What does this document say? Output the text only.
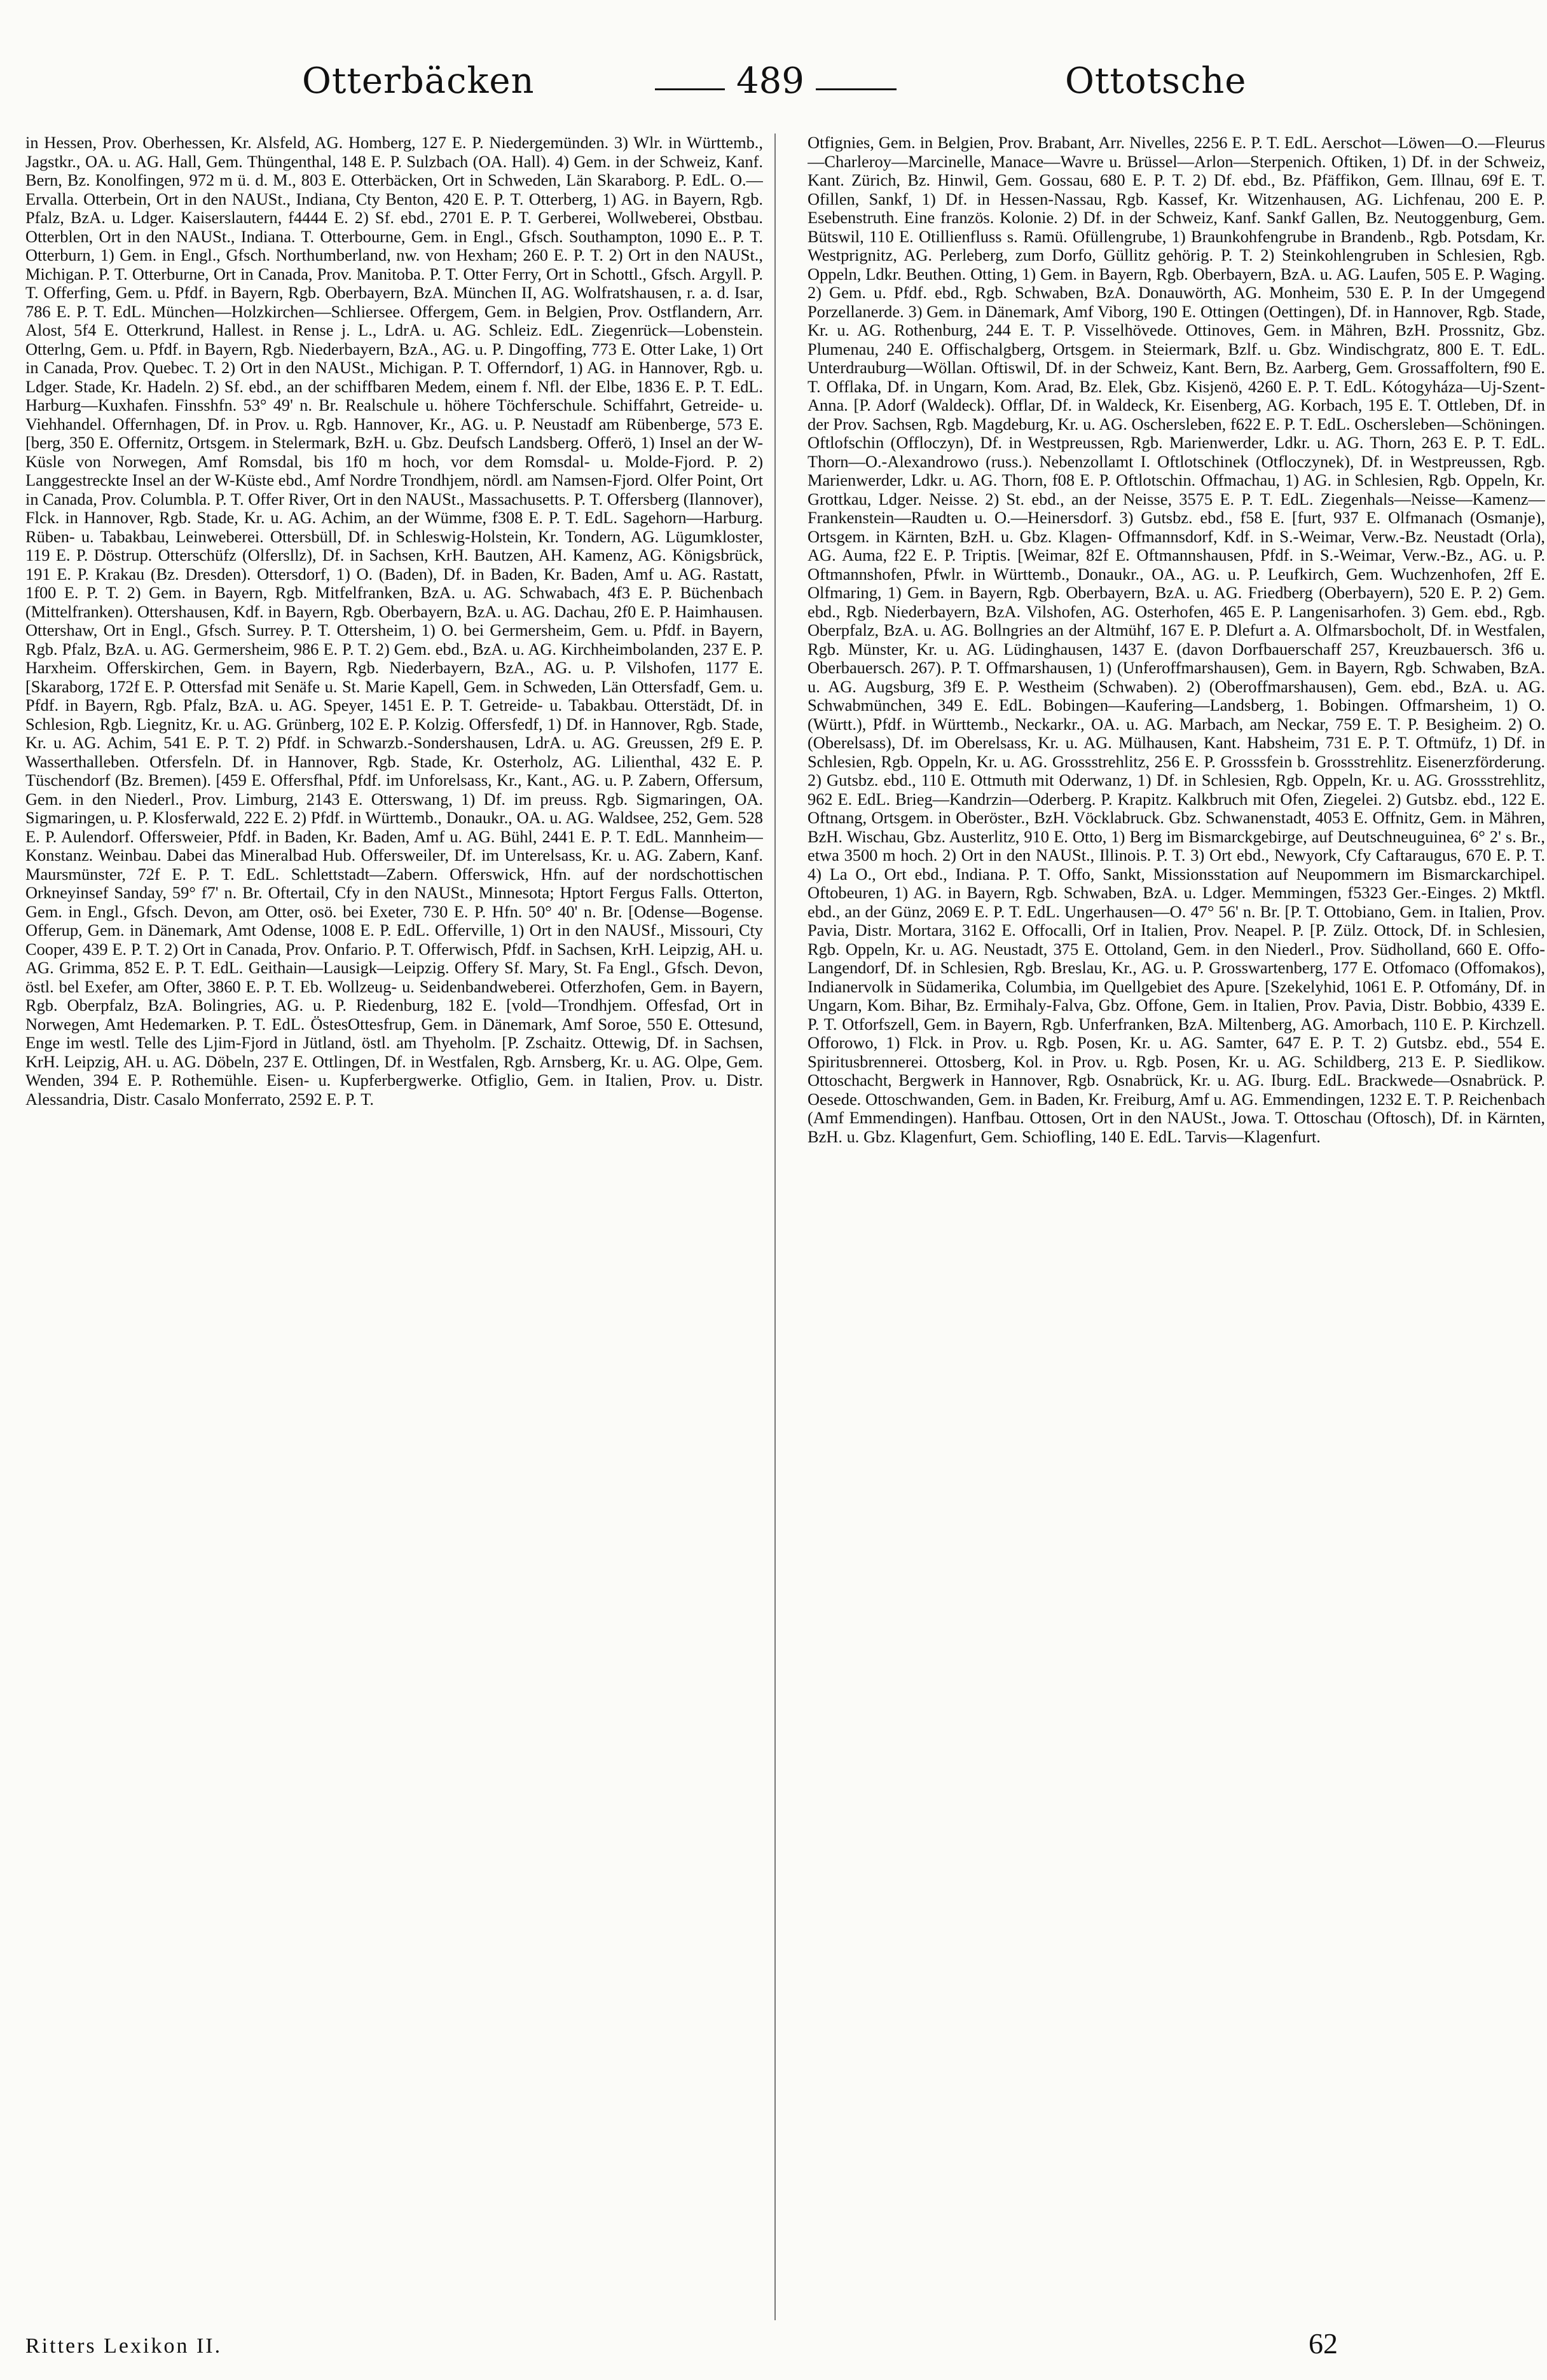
Otterbäcken	489	Ottotsche

in Hessen, Prov. Oberhessen, Kr. Alsfeld, AG. Homberg, 127 E. P. Niedergemünden. 3) Wlr. in Württemb., Jagstkr., OA. u. AG. Hall, Gem. Thüngenthal, 148 E. P. Sulzbach (OA. Hall). 4) Gem. in der Schweiz, Kanf. Bern, Bz. Konolfingen, 972 m ü. d. M., 803 E. Otterbäcken, Ort in Schweden, Län Skaraborg. P. EdL. O.—Ervalla. Otterbein, Ort in den NAUSt., Indiana, Cty Benton, 420 E. P. T. Otterberg, 1) AG. in Bayern, Rgb. Pfalz, BzA. u. Ldger. Kaiserslautern, f4444 E. 2) Sf. ebd., 2701 E. P. T. Gerberei, Wollweberei, Obstbau. Otterblen, Ort in den NAUSt., Indiana. T. Otterbourne, Gem. in Engl., Gfsch. Southampton, 1090 E.. P. T. Otterburn, 1) Gem. in Engl., Gfsch. Northumberland, nw. von Hexham; 260 E. P. T. 2) Ort in den NAUSt., Michigan. P. T. Otterburne, Ort in Canada, Prov. Manitoba. P. T. Otter Ferry, Ort in Schottl., Gfsch. Argyll. P. T. Offerfing, Gem. u. Pfdf. in Bayern, Rgb. Oberbayern, BzA. München II, AG. Wolfratshausen, r. a. d. Isar, 786 E. P. T. EdL. München—Holzkirchen—Schliersee. Offergem, Gem. in Belgien, Prov. Ostflandern, Arr. Alost, 5f4 E. Otterkrund, Hallest. in Rense j. L., LdrA. u. AG. Schleiz. EdL. Ziegenrück—Lobenstein. Otterlng, Gem. u. Pfdf. in Bayern, Rgb. Niederbayern, BzA., AG. u. P. Dingoffing, 773 E. Otter Lake, 1) Ort in Canada, Prov. Quebec. T. 2) Ort in den NAUSt., Michigan. P. T. Offerndorf, 1) AG. in Hannover, Rgb. u. Ldger. Stade, Kr. Hadeln. 2) Sf. ebd., an der schiffbaren Medem, einem f. Nfl. der Elbe, 1836 E. P. T. EdL. Harburg—Kuxhafen. Finsshfn. 53° 49' n. Br. Realschule u. höhere Töchferschule. Schiffahrt, Getreide- u. Viehhandel. Offernhagen, Df. in Prov. u. Rgb. Hannover, Kr., AG. u. P. Neustadf am Rübenberge, 573 E. [berg, 350 E. Offernitz, Ortsgem. in Stelermark, BzH. u. Gbz. Deufsch Landsberg. Offerö, 1) Insel an der W-Küsle von Norwegen, Amf Romsdal, bis 1f0 m hoch, vor dem Romsdal- u. Molde-Fjord. P. 2) Langgestreckte Insel an der W-Küste ebd., Amf Nordre Trondhjem, nördl. am Namsen-Fjord. Olfer Point, Ort in Canada, Prov. Columbla. P. T. Offer River, Ort in den NAUSt., Massachusetts. P. T. Offersberg (Ilannover), Flck. in Hannover, Rgb. Stade, Kr. u. AG. Achim, an der Wümme, f308 E. P. T. EdL. Sagehorn—Harburg. Rüben- u. Tabakbau, Leinweberei. Ottersbüll, Df. in Schleswig-Holstein, Kr. Tondern, AG. Lügumkloster, 119 E. P. Döstrup. Otterschüfz (Olfersllz), Df. in Sachsen, KrH. Bautzen, AH. Kamenz, AG. Königsbrück, 191 E. P. Krakau (Bz. Dresden). Ottersdorf, 1) O. (Baden), Df. in Baden, Kr. Baden, Amf u. AG. Rastatt, 1f00 E. P. T. 2) Gem. in Bayern, Rgb. Mitfelfranken, BzA. u. AG. Schwabach, 4f3 E. P. Büchenbach (Mittelfranken). Ottershausen, Kdf. in Bayern, Rgb. Oberbayern, BzA. u. AG. Dachau, 2f0 E. P. Haimhausen. Ottershaw, Ort in Engl., Gfsch. Surrey. P. T. Ottersheim, 1) O. bei Germersheim, Gem. u. Pfdf. in Bayern, Rgb. Pfalz, BzA. u. AG. Germersheim, 986 E. P. T. 2) Gem. ebd., BzA. u. AG. Kirchheimbolanden, 237 E. P. Harxheim. Offerskirchen, Gem. in Bayern, Rgb. Niederbayern, BzA., AG. u. P. Vilshofen, 1177 E. [Skaraborg, 172f E. P. Ottersfad mit Senäfe u. St. Marie Kapell, Gem. in Schweden, Län Ottersfadf, Gem. u. Pfdf. in Bayern, Rgb. Pfalz, BzA. u. AG. Speyer, 1451 E. P. T. Getreide- u. Tabakbau. Otterstädt, Df. in Schlesion, Rgb. Liegnitz, Kr. u. AG. Grünberg, 102 E. P. Kolzig. Offersfedf, 1) Df. in Hannover, Rgb. Stade, Kr. u. AG. Achim, 541 E. P. T. 2) Pfdf. in Schwarzb.-Sondershausen, LdrA. u. AG. Greussen, 2f9 E. P. Wasserthalleben. Otfersfeln. Df. in Hannover, Rgb. Stade, Kr. Osterholz, AG. Lilienthal, 432 E. P. Tüschendorf (Bz. Bremen). [459 E. Offersfhal, Pfdf. im Unforelsass, Kr., Kant., AG. u. P. Zabern, Offersum, Gem. in den Niederl., Prov. Limburg, 2143 E. Otterswang, 1) Df. im preuss. Rgb. Sigmaringen, OA. Sigmaringen, u. P. Klosferwald, 222 E. 2) Pfdf. in Württemb., Donaukr., OA. u. AG. Waldsee, 252, Gem. 528 E. P. Aulendorf. Offersweier, Pfdf. in Baden, Kr. Baden, Amf u. AG. Bühl, 2441 E. P. T. EdL. Mannheim—Konstanz. Weinbau. Dabei das Mineralbad Hub. Offersweiler, Df. im Unterelsass, Kr. u. AG. Zabern, Kanf. Maursmünster, 72f E. P. T. EdL. Schlettstadt—Zabern. Offerswick, Hfn. auf der nordschottischen Orkneyinsef Sanday, 59° f7' n. Br. Oftertail, Cfy in den NAUSt., Minnesota; Hptort Fergus Falls. Otterton, Gem. in Engl., Gfsch. Devon, am Otter, osö. bei Exeter, 730 E. P. Hfn. 50° 40' n. Br. [Odense—Bogense. Offerup, Gem. in Dänemark, Amt Odense, 1008 E. P. EdL. Offerville, 1) Ort in den NAUSf., Missouri, Cty Cooper, 439 E. P. T. 2) Ort in Canada, Prov. Onfario. P. T. Offerwisch, Pfdf. in Sachsen, KrH. Leipzig, AH. u. AG. Grimma, 852 E. P. T. EdL. Geithain—Lausigk—Leipzig. Offery Sf. Mary, St. Fa Engl., Gfsch. Devon, östl. bel Exefer, am Ofter, 3860 E. P. T. Eb. Wollzeug- u. Seidenbandweberei. Otferzhofen, Gem. in Bayern, Rgb. Oberpfalz, BzA. Bolingries, AG. u. P. Riedenburg, 182 E. [vold—Trondhjem. Offesfad, Ort in Norwegen, Amt Hedemarken. P. T. EdL. ÖstesOttesfrup, Gem. in Dänemark, Amf Soroe, 550 E. Ottesund, Enge im westl. Telle des Ljim-Fjord in Jütland, östl. am Thyeholm. [P. Zschaitz. Ottewig, Df. in Sachsen, KrH. Leipzig, AH. u. AG. Döbeln, 237 E. Ottlingen, Df. in Westfalen, Rgb. Arnsberg, Kr. u. AG. Olpe, Gem. Wenden, 394 E. P. Rothemühle. Eisen- u. Kupferbergwerke. Otfiglio, Gem. in Italien, Prov. u. Distr. Alessandria, Distr. Casalo Monferrato, 2592 E. P. T.

Otfignies, Gem. in Belgien, Prov. Brabant, Arr. Nivelles, 2256 E. P. T. EdL. Aerschot—Löwen—O.—Fleurus—Charleroy—Marcinelle, Manace—Wavre u. Brüssel—Arlon—Sterpenich. Oftiken, 1) Df. in der Schweiz, Kant. Zürich, Bz. Hinwil, Gem. Gossau, 680 E. P. T. 2) Df. ebd., Bz. Pfäffikon, Gem. Illnau, 69f E. T. Ofillen, Sankf, 1) Df. in Hessen-Nassau, Rgb. Kassef, Kr. Witzenhausen, AG. Lichfenau, 200 E. P. Esebenstruth. Eine französ. Kolonie. 2) Df. in der Schweiz, Kanf. Sankf Gallen, Bz. Neutoggenburg, Gem. Bütswil, 110 E. Otillienfluss s. Ramü. Ofüllengrube, 1) Braunkohfengrube in Brandenb., Rgb. Potsdam, Kr. Westprignitz, AG. Perleberg, zum Dorfo, Güllitz gehörig. P. T. 2) Steinkohlengruben in Schlesien, Rgb. Oppeln, Ldkr. Beuthen. Otting, 1) Gem. in Bayern, Rgb. Oberbayern, BzA. u. AG. Laufen, 505 E. P. Waging. 2) Gem. u. Pfdf. ebd., Rgb. Schwaben, BzA. Donauwörth, AG. Monheim, 530 E. P. In der Umgegend Porzellanerde. 3) Gem. in Dänemark, Amf Viborg, 190 E. Ottingen (Oettingen), Df. in Hannover, Rgb. Stade, Kr. u. AG. Rothenburg, 244 E. T. P. Visselhövede. Ottinoves, Gem. in Mähren, BzH. Prossnitz, Gbz. Plumenau, 240 E. Offischalgberg, Ortsgem. in Steiermark, Bzlf. u. Gbz. Windischgratz, 800 E. T. EdL. Unterdrauburg—Wöllan. Oftiswil, Df. in der Schweiz, Kant. Bern, Bz. Aarberg, Gem. Grossaffoltern, f90 E. T. Offlaka, Df. in Ungarn, Kom. Arad, Bz. Elek, Gbz. Kisjenö, 4260 E. P. T. EdL. Kótogyháza—Uj-Szent-Anna. [P. Adorf (Waldeck). Offlar, Df. in Waldeck, Kr. Eisenberg, AG. Korbach, 195 E. T. Ottleben, Df. in der Prov. Sachsen, Rgb. Magdeburg, Kr. u. AG. Oschersleben, f622 E. P. T. EdL. Oschersleben—Schöningen. Oftlofschin (Offloczyn), Df. in Westpreussen, Rgb. Marienwerder, Ldkr. u. AG. Thorn, 263 E. P. T. EdL. Thorn—O.-Alexandrowo (russ.). Nebenzollamt I. Oftlotschinek (Otfloczynek), Df. in Westpreussen, Rgb. Marienwerder, Ldkr. u. AG. Thorn, f08 E. P. Oftlotschin. Offmachau, 1) AG. in Schlesien, Rgb. Oppeln, Kr. Grottkau, Ldger. Neisse. 2) St. ebd., an der Neisse, 3575 E. P. T. EdL. Ziegenhals—Neisse—Kamenz—Frankenstein—Raudten u. O.—Heinersdorf. 3) Gutsbz. ebd., f58 E. [furt, 937 E. Olfmanach (Osmanje), Ortsgem. in Kärnten, BzH. u. Gbz. Klagen- Offmannsdorf, Kdf. in S.-Weimar, Verw.-Bz. Neustadt (Orla), AG. Auma, f22 E. P. Triptis. [Weimar, 82f E. Oftmannshausen, Pfdf. in S.-Weimar, Verw.-Bz., AG. u. P. Oftmannshofen, Pfwlr. in Württemb., Donaukr., OA., AG. u. P. Leufkirch, Gem. Wuchzenhofen, 2ff E. Olfmaring, 1) Gem. in Bayern, Rgb. Oberbayern, BzA. u. AG. Friedberg (Oberbayern), 520 E. P. 2) Gem. ebd., Rgb. Niederbayern, BzA. Vilshofen, AG. Osterhofen, 465 E. P. Langenisarhofen. 3) Gem. ebd., Rgb. Oberpfalz, BzA. u. AG. Bollngries an der Altmühf, 167 E. P. Dlefurt a. A. Olfmarsbocholt, Df. in Westfalen, Rgb. Münster, Kr. u. AG. Lüdinghausen, 1437 E. (davon Dorfbauerschaff 257, Kreuzbauersch. 3f6 u. Oberbauersch. 267). P. T. Offmarshausen, 1) (Unferoffmarshausen), Gem. in Bayern, Rgb. Schwaben, BzA. u. AG. Augsburg, 3f9 E. P. Westheim (Schwaben). 2) (Oberoffmarshausen), Gem. ebd., BzA. u. AG. Schwabmünchen, 349 E. EdL. Bobingen—Kaufering—Landsberg, 1. Bobingen. Offmarsheim, 1) O. (Württ.), Pfdf. in Württemb., Neckarkr., OA. u. AG. Marbach, am Neckar, 759 E. T. P. Besigheim. 2) O. (Oberelsass), Df. im Oberelsass, Kr. u. AG. Mülhausen, Kant. Habsheim, 731 E. P. T. Oftmüfz, 1) Df. in Schlesien, Rgb. Oppeln, Kr. u. AG. Grossstrehlitz, 256 E. P. Grosssfein b. Grossstrehlitz. Eisenerzförderung. 2) Gutsbz. ebd., 110 E. Ottmuth mit Oderwanz, 1) Df. in Schlesien, Rgb. Oppeln, Kr. u. AG. Grossstrehlitz, 962 E. EdL. Brieg—Kandrzin—Oderberg. P. Krapitz. Kalkbruch mit Ofen, Ziegelei. 2) Gutsbz. ebd., 122 E. Oftnang, Ortsgem. in Oberöster., BzH. Vöcklabruck. Gbz. Schwanenstadt, 4053 E. Offnitz, Gem. in Mähren, BzH. Wischau, Gbz. Austerlitz, 910 E. Otto, 1) Berg im Bismarckgebirge, auf Deutschneuguinea, 6° 2' s. Br., etwa 3500 m hoch. 2) Ort in den NAUSt., Illinois. P. T. 3) Ort ebd., Newyork, Cfy Caftaraugus, 670 E. P. T. 4) La O., Ort ebd., Indiana. P. T. Offo, Sankt, Missionsstation auf Neupommern im Bismarckarchipel. Oftobeuren, 1) AG. in Bayern, Rgb. Schwaben, BzA. u. Ldger. Memmingen, f5323 Ger.-Einges. 2) Mktfl. ebd., an der Günz, 2069 E. P. T. EdL. Ungerhausen—O. 47° 56' n. Br. [P. T. Ottobiano, Gem. in Italien, Prov. Pavia, Distr. Mortara, 3162 E. Offocalli, Orf in Italien, Prov. Neapel. P. [P. Zülz. Ottock, Df. in Schlesien, Rgb. Oppeln, Kr. u. AG. Neustadt, 375 E. Ottoland, Gem. in den Niederl., Prov. Südholland, 660 E. Offo-Langendorf, Df. in Schlesien, Rgb. Breslau, Kr., AG. u. P. Grosswartenberg, 177 E. Otfomaco (Offomakos), Indianervolk in Südamerika, Columbia, im Quellgebiet des Apure. [Szekelyhid, 1061 E. P. Otfomány, Df. in Ungarn, Kom. Bihar, Bz. Ermihaly-Falva, Gbz. Offone, Gem. in Italien, Prov. Pavia, Distr. Bobbio, 4339 E. P. T. Otforfszell, Gem. in Bayern, Rgb. Unferfranken, BzA. Miltenberg, AG. Amorbach, 110 E. P. Kirchzell. Offorowo, 1) Flck. in Prov. u. Rgb. Posen, Kr. u. AG. Samter, 647 E. P. T. 2) Gutsbz. ebd., 554 E. Spiritusbrennerei. Ottosberg, Kol. in Prov. u. Rgb. Posen, Kr. u. AG. Schildberg, 213 E. P. Siedlikow. Ottoschacht, Bergwerk in Hannover, Rgb. Osnabrück, Kr. u. AG. Iburg. EdL. Brackwede—Osnabrück. P. Oesede. Ottoschwanden, Gem. in Baden, Kr. Freiburg, Amf u. AG. Emmendingen, 1232 E. T. P. Reichenbach (Amf Emmendingen). Hanfbau. Ottosen, Ort in den NAUSt., Jowa. T. Ottoschau (Oftosch), Df. in Kärnten, BzH. u. Gbz. Klagenfurt, Gem. Schiofling, 140 E. EdL. Tarvis—Klagenfurt.

Ritters Lexikon II.	62
